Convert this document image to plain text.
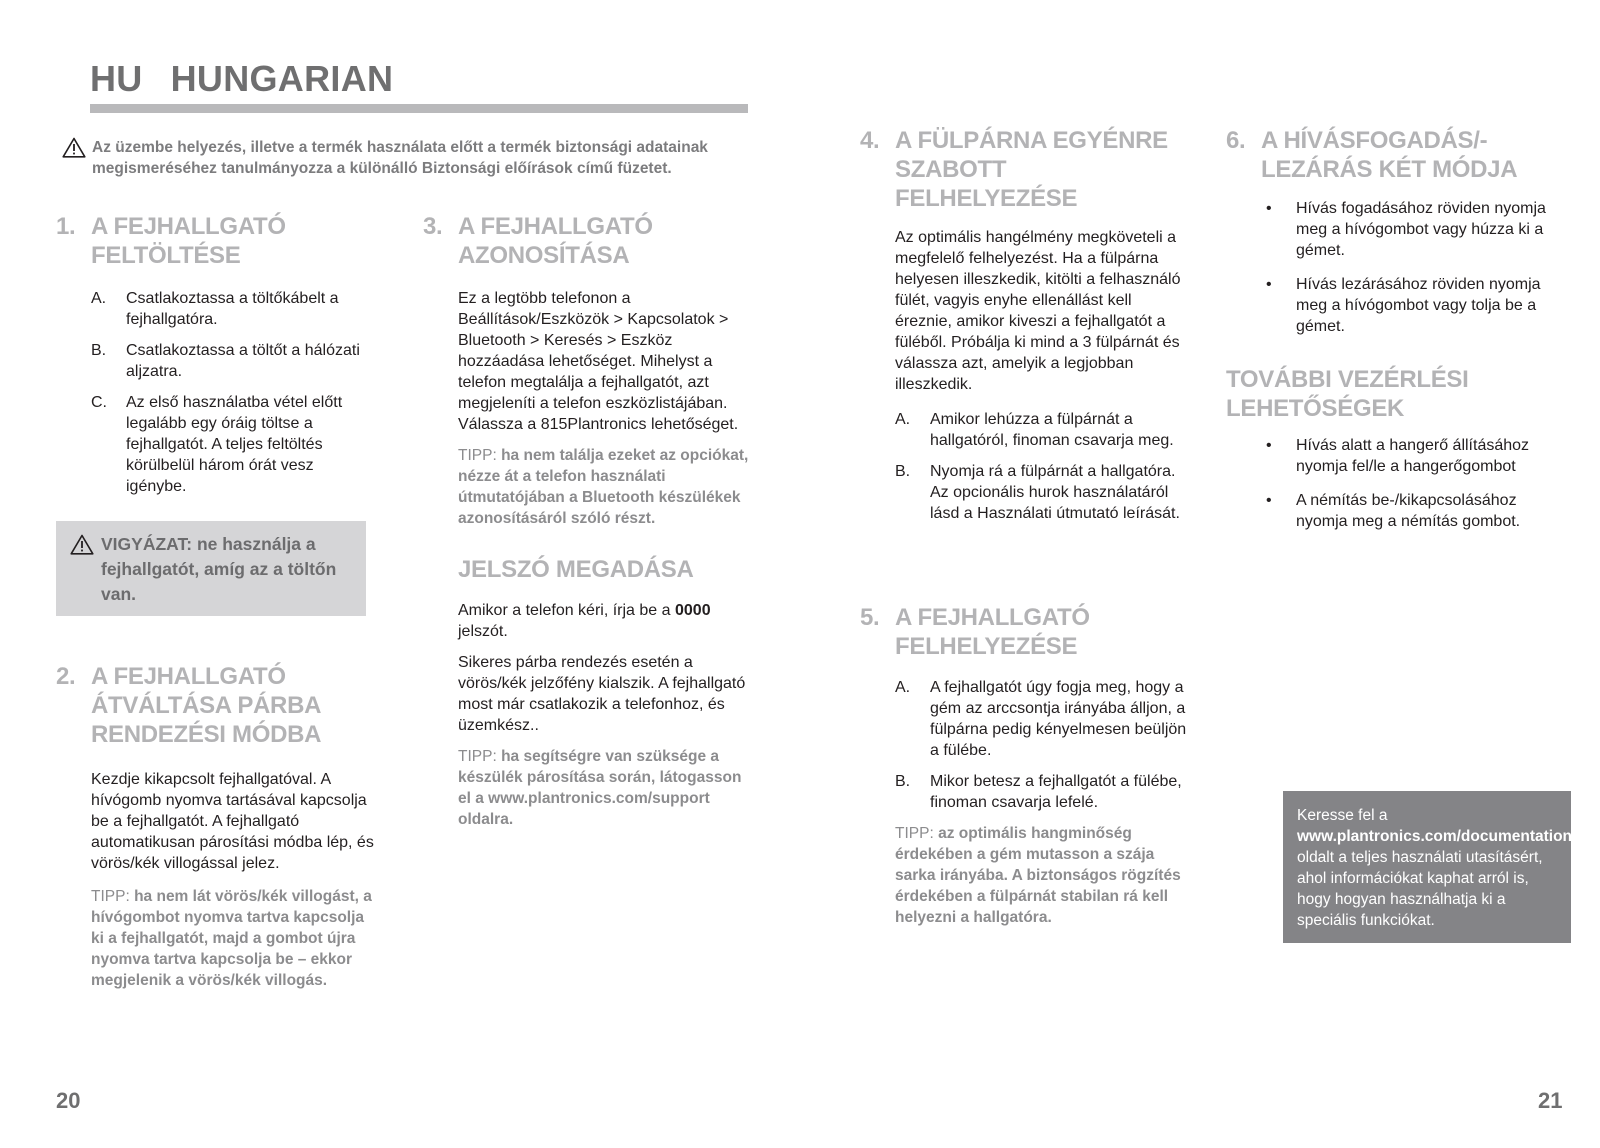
HU HUNGARIAN

Az üzembe helyezés, illetve a termék használata előtt a termék biztonsági adatainak megismeréséhez tanulmányozza a különálló Biztonsági előírások című füzetet.

1. A FEJHALLGATÓ FELTÖLTÉSE
A.	Csatlakoztassa a töltőkábelt a fejhallgatóra.
B.	Csatlakoztassa a töltőt a hálózati aljzatra.
C.	Az első használatba vétel előtt legalább egy óráig töltse a fejhallgatót. A teljes feltöltés körülbelül három órát vesz igénybe.

VIGYÁZAT: ne használja a fejhallgatót, amíg az a töltőn van.

2. A FEJHALLGATÓ ÁTVÁLTÁSA PÁRBA RENDEZÉSI MÓDBA

Kezdje kikapcsolt fejhallgatóval. A hívógomb nyomva tartásával kapcsolja be a fejhallgatót. A fejhallgató automatikusan párosítási módba lép, és vörös/kék villogással jelez.

TIPP: ha nem lát vörös/kék villogást, a hívógombot nyomva tartva kapcsolja ki a fejhallgatót, majd a gombot újra nyomva tartva kapcsolja be – ekkor megjelenik a vörös/kék villogás.

3. A FEJHALLGATÓ AZONOSÍTÁSA

Ez a legtöbb telefonon a Beállítások/Eszközök > Kapcsolatok > Bluetooth > Keresés > Eszköz hozzáadása lehetőséget. Mihelyst a telefon megtalálja a fejhallgatót, azt megjeleníti a telefon eszközlistájában. Válassza a 815Plantronics lehetőséget.

TIPP: ha nem találja ezeket az opciókat, nézze át a telefon használati útmutatójában a Bluetooth készülékek azonosításáról szóló részt.

JELSZÓ MEGADÁSA

Amikor a telefon kéri, írja be a 0000 jelszót.

Sikeres párba rendezés esetén a vörös/kék jelzőfény kialszik. A fejhallgató most már csatlakozik a telefonhoz, és üzemkész..

TIPP: ha segítségre van szüksége a készülék párosítása során, látogasson el a www.plantronics.com/support oldalra.

4. A FÜLPÁRNA EGYÉNRE SZABOTT FELHELYEZÉSE

Az optimális hangélmény megköveteli a megfelelő felhelyezést. Ha a fülpárna helyesen illeszkedik, kitölti a felhasználó fülét, vagyis enyhe ellenállást kell éreznie, amikor kiveszi a fejhallgatót a füléből. Próbálja ki mind a 3 fülpárnát és válassza azt, amelyik a legjobban illeszkedik.

A.	Amikor lehúzza a fülpárnát a hallgatóról, finoman csavarja meg.
B.	Nyomja rá a fülpárnát a hallgatóra. Az opcionális hurok használatáról lásd a Használati útmutató leírását.
5. A FEJHALLGATÓ FELHELYEZÉSE
A.	A fejhallgatót úgy fogja meg, hogy a gém az arccsontja irányába álljon, a fülpárna pedig kényelmesen beüljön a fülébe.
B.	Mikor betesz a fejhallgatót a fülébe, finoman csavarja lefelé.

TIPP: az optimális hangminőség érdekében a gém mutasson a szája sarka irányába. A biztonságos rögzítés érdekében a fülpárnát stabilan rá kell helyezni a hallgatóra.

6. A HÍVÁSFOGADÁS/- LEZÁRÁS KÉT MÓDJA
•	Hívás fogadásához röviden nyomja meg a hívógombot vagy húzza ki a gémet.
•	Hívás lezárásához röviden nyomja meg a hívógombot vagy tolja be a gémet.
TOVÁBBI VEZÉRLÉSI LEHETŐSÉGEK
•	Hívás alatt a hangerő állításához nyomja fel/le a hangerőgombot
•	A némítás be-/kikapcsolásához nyomja meg a némítás gombot.
Keresse fel a www.plantronics.com/documentation oldalt a teljes használati utasításért, ahol információkat kaphat arról is, hogy hogyan használhatja ki a speciális funkciókat.
20	21
